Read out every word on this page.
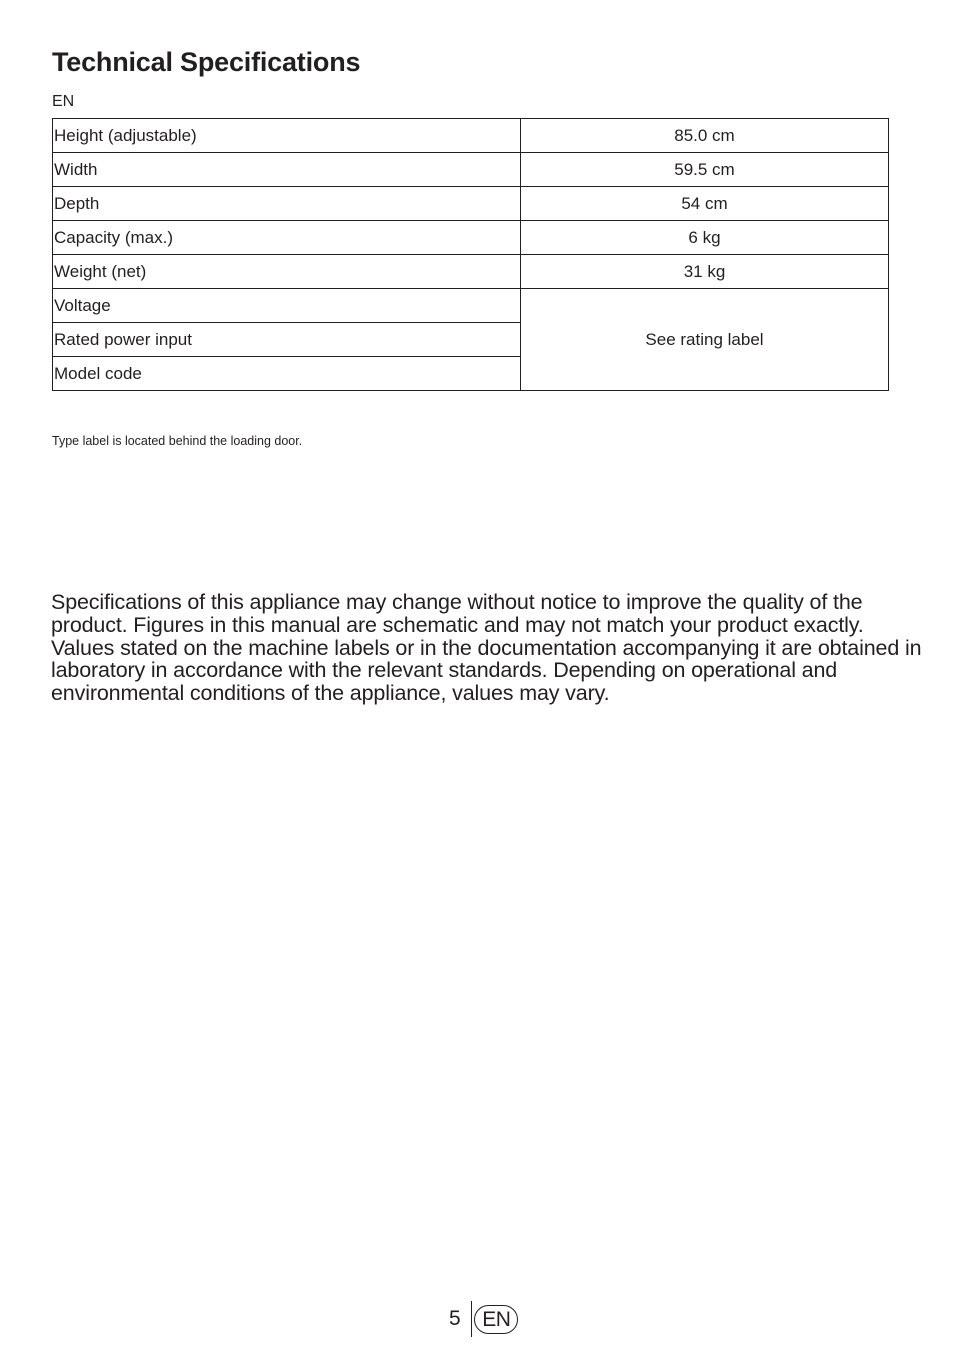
Technical Specifications
EN
Height (adjustable)	85.0 cm
Width	59.5 cm
Depth	54 cm
Capacity (max.)	6 kg
Weight (net)	31 kg
Voltage	See rating label
Rated power input	
Model code	
Type label is located behind the loading door.

Specifications of this appliance may change without notice to improve the quality of the product. Figures in this manual are schematic and may not match your product exactly. Values stated on the machine labels or in the documentation accompanying it are obtained in laboratory in accordance with the relevant standards. Depending on operational and environmental conditions of the appliance, values may vary.

5	EN
